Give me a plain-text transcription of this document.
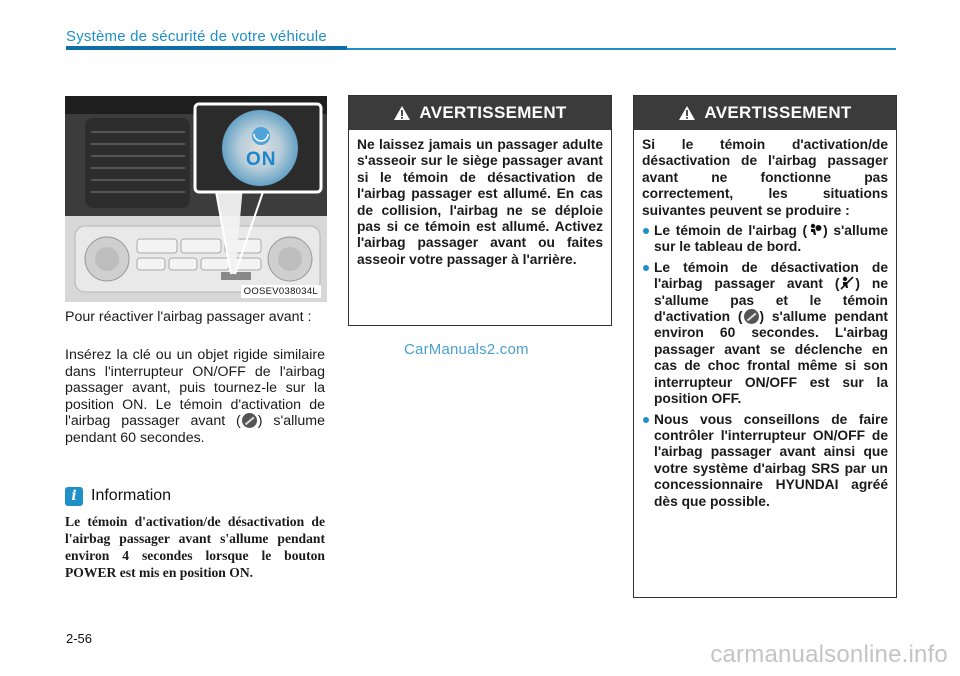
Système de sécurité de votre véhicule
ON
OOSEV038034L
Pour réactiver l'airbag passager avant :
Insérez la clé ou un objet rigide similaire dans l'interrupteur ON/OFF de l'airbag passager avant, puis tournez-le sur la position ON. Le témoin d'activation de l'airbag passager avant ( ) s'allume pendant 60 secondes.
i Information
Le témoin d'activation/de désactivation de l'airbag passager avant s'allume pendant environ 4 secondes lorsque le bouton POWER est mis en position ON.
AVERTISSEMENT
Ne laissez jamais un passager adulte s'asseoir sur le siège passager avant si le témoin de désactivation de l'airbag passager est allumé. En cas de collision, l'airbag ne se déploie pas si ce témoin est allumé. Activez l'airbag passager avant ou faites asseoir votre passager à l'arrière.
AVERTISSEMENT
Si le témoin d'activation/de désactivation de l'airbag passager avant ne fonctionne pas correctement, les situations suivantes peuvent se produire :
Le témoin de l'airbag ( ) s'allume sur le tableau de bord.
Le témoin de désactivation de l'airbag passager avant ( ) ne s'allume pas et le témoin d'activation ( ) s'allume pendant environ 60 secondes. L'airbag passager avant se déclenche en cas de choc frontal même si son interrupteur ON/OFF est sur la position OFF.
Nous vous conseillons de faire contrôler l'interrupteur ON/OFF de l'airbag passager avant ainsi que votre système d'airbag SRS par un concessionnaire HYUNDAI agréé dès que possible.
CarManuals2.com
2-56
carmanualsonline.info
